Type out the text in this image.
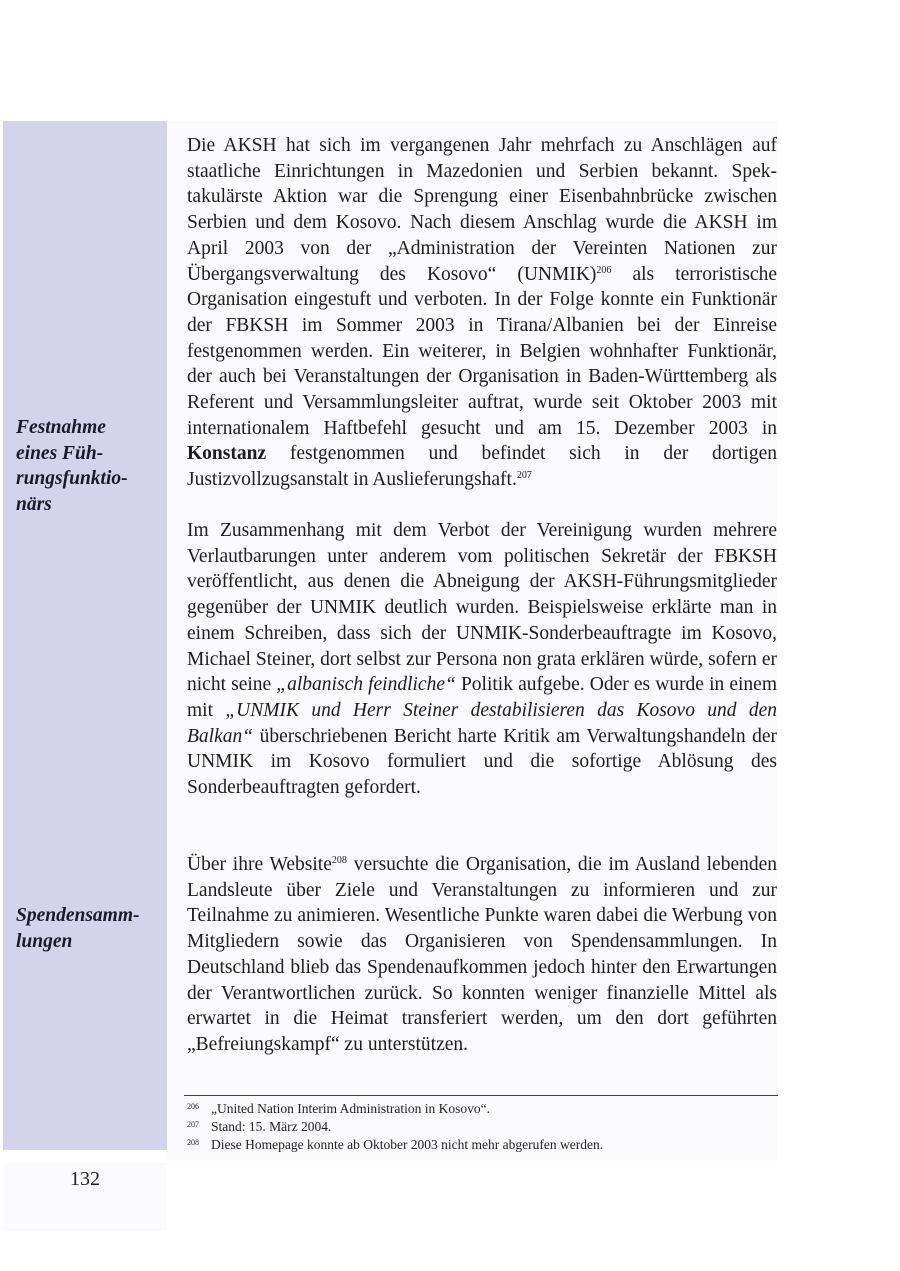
132
Festnahme
eines Füh-
rungsfunktio-
närs
Spendensamm-
lungen

Die AKSH hat sich im vergangenen Jahr mehrfach zu Anschlägen auf staatliche Einrichtungen in Mazedonien und Serbien bekannt. Spektakulärste Aktion war die Sprengung einer Eisenbahnbrücke zwischen Serbien und dem Kosovo. Nach diesem Anschlag wurde die AKSH im April 2003 von der „Administration der Vereinten Nationen zur Übergangsverwaltung des Kosovo“ (UNMIK)$^{206}$ als terroristische Organisation eingestuft und verboten. In der Folge konnte ein Funktionär der FBKSH im Sommer 2003 in Tirana/Albanien bei der Einreise festgenommen werden. Ein weiterer, in Belgien wohnhafter Funktionär, der auch bei Veranstaltungen der Organisation in Baden-Württemberg als Referent und Versammlungsleiter auftrat, wurde seit Oktober 2003 mit internationalem Haftbefehl gesucht und am 15. Dezember 2003 in Konstanz festgenommen und befindet sich in der dortigen Justizvollzugsanstalt in Auslieferungshaft.$^{207}$

Im Zusammenhang mit dem Verbot der Vereinigung wurden mehrere Verlautbarungen unter anderem vom politischen Sekretär der FBKSH veröffentlicht, aus denen die Abneigung der AKSH-Führungsmitglieder gegenüber der UNMIK deutlich wurden. Beispielsweise erklärte man in einem Schreiben, dass sich der UNMIK-Sonderbeauftragte im Kosovo, Michael Steiner, dort selbst zur Persona non grata erklären würde, sofern er nicht seine „albanisch feindliche“ Politik aufgebe. Oder es wurde in einem mit „UNMIK und Herr Steiner destabilisieren das Kosovo und den Balkan“ überschriebenen Bericht harte Kritik am Verwaltungshandeln der UNMIK im Kosovo formuliert und die sofortige Ablösung des Sonderbeauftragten gefordert.

Über ihre Website$^{208}$ versuchte die Organisation, die im Ausland lebenden Landsleute über Ziele und Veranstaltungen zu informieren und zur Teilnahme zu animieren. Wesentliche Punkte waren dabei die Werbung von Mitgliedern sowie das Organisieren von Spendensammlungen. In Deutschland blieb das Spendenaufkommen jedoch hinter den Erwartungen der Verantwortlichen zurück. So konnten weniger finanzielle Mittel als erwartet in die Heimat transferiert werden, um den dort geführten „Befreiungskampf“ zu unterstützen.

206 „United Nation Interim Administration in Kosovo“.
207 Stand: 15. März 2004.
208 Diese Homepage konnte ab Oktober 2003 nicht mehr abgerufen werden.
